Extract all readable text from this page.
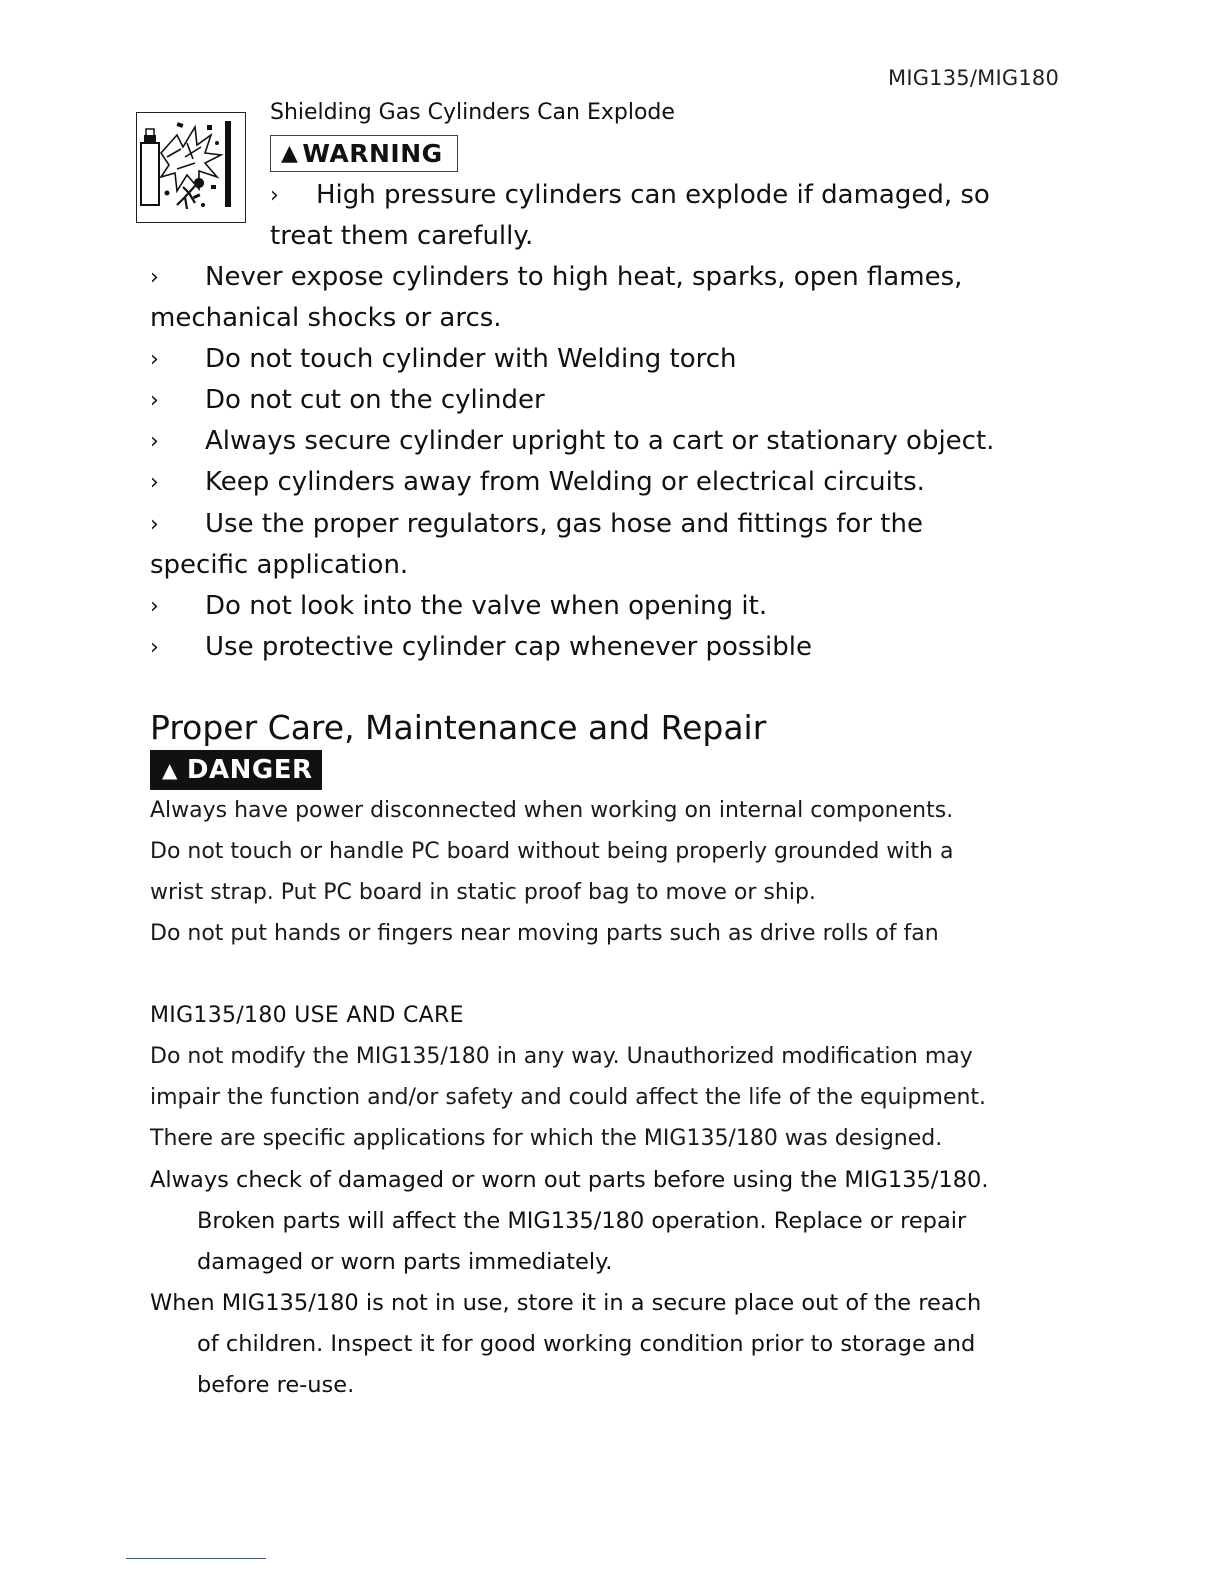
MIG135/MIG180
Shielding Gas Cylinders Can Explode
▲ WARNING
› High pressure cylinders can explode if damaged, so
treat them carefully.
› Never expose cylinders to high heat, sparks, open flames,
mechanical shocks or arcs.
› Do not touch cylinder with Welding torch
› Do not cut on the cylinder
› Always secure cylinder upright to a cart or stationary object.
› Keep cylinders away from Welding or electrical circuits.
› Use the proper regulators, gas hose and fittings for the
specific application.
› Do not look into the valve when opening it.
› Use protective cylinder cap whenever possible
Proper Care, Maintenance and Repair
▲ DANGER
Always have power disconnected when working on internal components.
Do not touch or handle PC board without being properly grounded with a
wrist strap. Put PC board in static proof bag to move or ship.
Do not put hands or fingers near moving parts such as drive rolls of fan
MIG135/180 USE AND CARE
Do not modify the MIG135/180 in any way. Unauthorized modification may
impair the function and/or safety and could affect the life of the equipment.
There are specific applications for which the MIG135/180 was designed.
Always check of damaged or worn out parts before using the MIG135/180.
Broken parts will affect the MIG135/180 operation. Replace or repair
damaged or worn parts immediately.
When MIG135/180 is not in use, store it in a secure place out of the reach
of children. Inspect it for good working condition prior to storage and
before re-use.
